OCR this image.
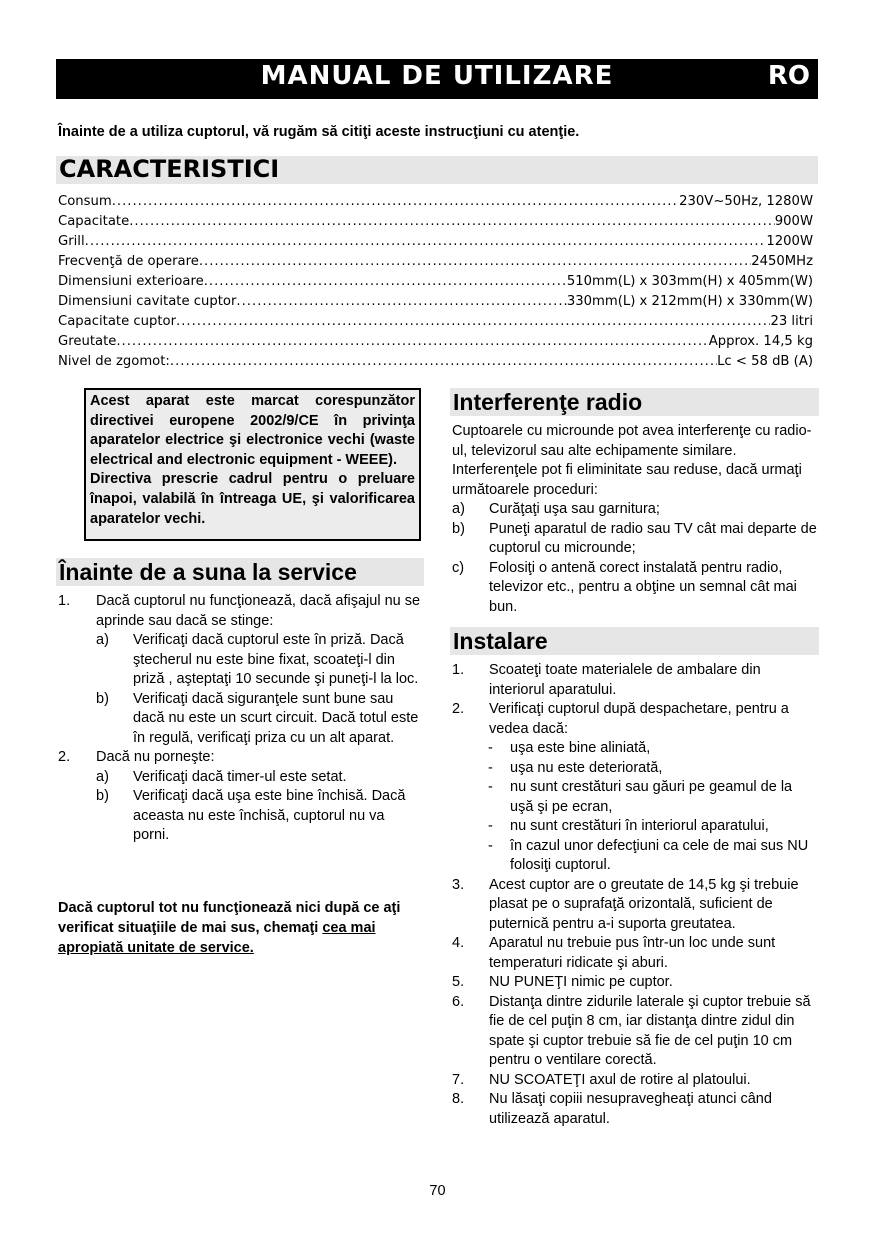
MANUAL DE UTILIZARE	RO
Înainte de a utiliza cuptorul, vă rugăm să citiţi aceste instrucţiuni cu atenţie.
CARACTERISTICI
Consum .....	230V~50Hz, 1280W
Capacitate .....	900W
Grill .....	1200W
Frecvenţă de operare .....	2450MHz
Dimensiuni exterioare .....	510mm(L) x 303mm(H) x 405mm(W)
Dimensiuni cavitate cuptor .....	330mm(L) x 212mm(H) x 330mm(W)
Capacitate cuptor .....	23 litri
Greutate .....	Approx. 14,5 kg
Nivel de zgomot: .....	Lc < 58 dB (A)

Acest aparat este marcat corespunzător directivei europene 2002/9/CE în privinţa aparatelor electrice şi electronice vechi (waste electrical and electronic equipment - WEEE).

Directiva prescrie cadrul pentru o preluare înapoi, valabilă în întreaga UE, şi valorificarea aparatelor vechi.

Înainte de a suna la service
1. Dacă cuptorul nu funcţionează, dacă afişajul nu se aprinde sau dacă se stinge:

a) Verificaţi dacă cuptorul este în priză. Dacă ştecherul nu este bine fixat, scoateţi-l din priză , aşteptaţi 10 secunde şi puneţi-l la loc.

b) Verificaţi dacă siguranţele sunt bune sau dacă nu este un scurt circuit. Dacă totul este în regulă, verificaţi priza cu un alt aparat.

2. Dacă nu porneşte:

a) Verificaţi dacă timer-ul este setat.

b) Verificaţi dacă uşa este bine închisă. Dacă aceasta nu este închisă, cuptorul nu va porni.

Dacă cuptorul tot nu funcţionează nici după ce aţi verificat situaţiile de mai sus, chemaţi cea mai apropiată unitate de service.
Interferenţe radio

Cuptoarele cu microunde pot avea interferenţe cu radio-ul, televizorul sau alte echipamente similare. Interferenţele pot fi eliminitate sau reduse, dacă urmaţi următoarele proceduri:

a) Curăţaţi uşa sau garnitura;

b) Puneţi aparatul de radio sau TV cât mai departe de cuptorul cu microunde;

c) Folosiţi o antenă corect instalată pentru radio, televizor etc., pentru a obţine un semnal cât mai bun.

Instalare
1. Scoateţi toate materialele de ambalare din interiorul aparatului.

2. Verificaţi cuptorul după despachetare, pentru a vedea dacă:

- uşa este bine aliniată,

- uşa nu este deteriorată,

- nu sunt crestături sau găuri pe geamul de la uşă şi pe ecran,

- nu sunt crestături în interiorul aparatului,

- în cazul unor defecţiuni ca cele de mai sus NU folosiţi cuptorul.

3. Acest cuptor are o greutate de 14,5 kg şi trebuie plasat pe o suprafaţă orizontală, suficient de puternică pentru a-i suporta greutatea.

4. Aparatul nu trebuie pus într-un loc unde sunt temperaturi ridicate şi aburi.

5. NU PUNEŢI nimic pe cuptor.

6. Distanţa dintre zidurile laterale şi cuptor trebuie să fie de cel puţin 8 cm, iar distanţa dintre zidul din spate şi cuptor trebuie să fie de cel puţin 10 cm pentru o ventilare corectă.

7. NU SCOATEŢI axul de rotire al platoului.

8. Nu lăsaţi copiii nesupravegheaţi atunci când utilizează aparatul.

70
